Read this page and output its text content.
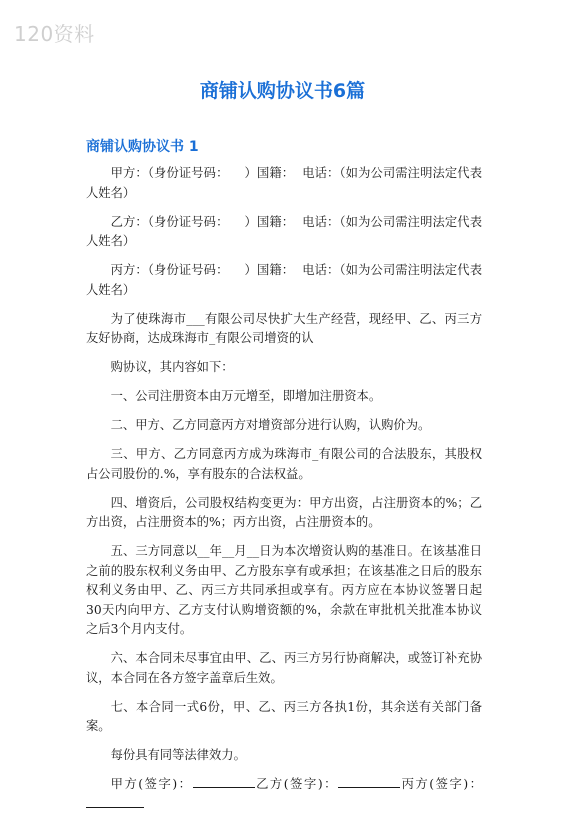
120资料
商铺认购协议书6篇
商铺认购协议书 1

甲方：（身份证号码：    ）国籍：  电话：（如为公司需注明法定代表人姓名）

乙方：（身份证号码：    ）国籍：  电话：（如为公司需注明法定代表人姓名）

丙方：（身份证号码：    ）国籍：  电话：（如为公司需注明法定代表人姓名）

为了使珠海市___有限公司尽快扩大生产经营，现经甲、乙、丙三方友好协商，达成珠海市_有限公司增资的认

购协议，其内容如下：

一、公司注册资本由万元增至，即增加注册资本。

二、甲方、乙方同意丙方对增资部分进行认购，认购价为。

三、甲方、乙方同意丙方成为珠海市_有限公司的合法股东，其股权占公司股份的.%，享有股东的合法权益。

四、增资后，公司股权结构变更为：甲方出资，占注册资本的%；乙方出资，占注册资本的%；丙方出资，占注册资本的。

五、三方同意以__年__月__日为本次增资认购的基准日。在该基准日之前的股东权利义务由甲、乙方股东享有或承担；在该基准之日后的股东权利义务由甲、乙、丙三方共同承担或享有。丙方应在本协议签署日起30天内向甲方、乙方支付认购增资额的%，余款在审批机关批准本协议之后3个月内支付。

六、本合同未尽事宜由甲、乙、丙三方另行协商解决，或签订补充协议，本合同在各方签字盖章后生效。

七、本合同一式6份，甲、乙、丙三方各执1份，其余送有关部门备案。

每份具有同等法律效力。

甲方(签字)：	乙方(签字)：	丙方(签字)：
